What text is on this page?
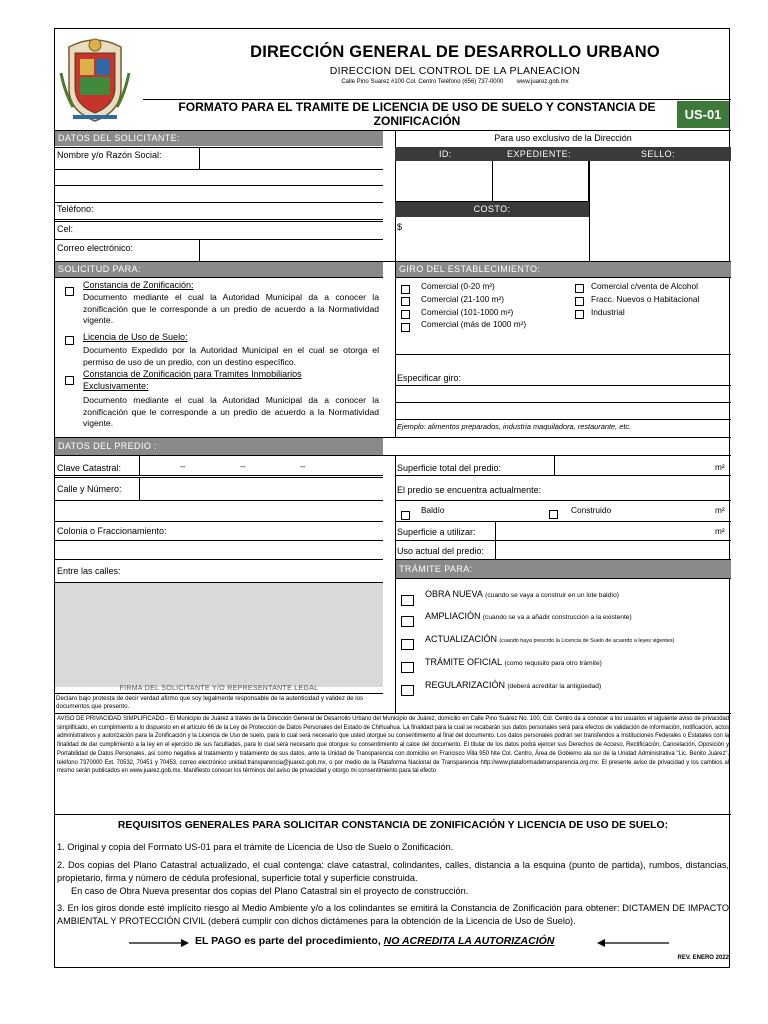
DIRECCIÓN GENERAL DE DESARROLLO URBANO
DIRECCION DEL CONTROL DE LA PLANEACION
Calle Pino Suarez #100 Col. Centro Teléfono (656) 737-0000 www.juarez.gob.mx
FORMATO PARA EL TRAMITE DE LICENCIA DE USO DE SUELO Y CONSTANCIA DE ZONIFICACIÓN	US-01
DATOS DEL SOLICITANTE:
Nombre y/o Razón Social:
Teléfono:
Cel:
Correo electrónico:
Para uso exclusivo de la Dirección
ID:	EXPEDIENTE:	SELLO:
COSTO:
$
SOLICITUD PARA:
Constancia de Zonificación:
Documento mediante el cual la Autoridad Municipal da a conocer la zonificación que le corresponde a un predio de acuerdo a la Normatividad vigente.
Licencia de Uso de Suelo:
Documento Expedido por la Autoridad Municipal en el cual se otorga el permiso de uso de un predio, con un destino específico.
Constancia de Zonificación para Tramites Inmobiliarios Exclusivamente:
Documento mediante el cual la Autoridad Municipal da a conocer la zonificación que le corresponde a un predio de acuerdo a la Normatividad vigente.
GIRO DEL ESTABLECIMIENTO:
Comercial (0-20 m²)
Comercial (21-100 m²)
Comercial (101-1000 m²)
Comercial (más de 1000 m²)
Comercial c/venta de Alcohol
Fracc. Nuevos o Habitacional
Industrial
Especificar giro:
Ejemplo: alimentos preparados, industria maquiladora, restaurante, etc.
DATOS DEL PREDIO :
Clave Catastral:	--	--	--
Calle y Número:
Colonia o Fraccionamiento:
Entre las calles:
FIRMA DEL SOLICITANTE Y/O REPRESENTANTE LEGAL
Declaro bajo protesta de decir verdad afirmo que soy legalmente responsable de la autenticidad y validez de los documentos que presento.
Superficie total del predio:	m²
El predio se encuentra actualmente:
Baldío	Construido	m²
Superficie a utilizar:	m²
Uso actual del predio:
TRÁMITE PARA:
OBRA NUEVA (cuando se vaya a construir en un lote baldío)
AMPLIACIÓN (cuando se va a añadir construcción a la existente)
ACTUALIZACIÓN (cuando haya prescrito la Licencia de Suelo de acuerdo a leyes vigentes)
TRÁMITE OFICIAL (como requisito para otro trámite)
REGULARIZACIÓN (deberá acreditar la antigüedad)
AVISO DE PRIVACIDAD SIMPLIFICADO.- El Municipio de Juárez a través de la Dirección General de Desarrollo Urbano del Municipio de Juárez, domicilio en Calle Pino Suárez No. 100, Col. Centro da a conocer a los usuarios el siguiente aviso de privacidad simplificado, en cumplimiento a lo dispuesto en el artículo 66 de la Ley de Protección de Datos Personales del Estado de Chihuahua. La finalidad para la cual se recabarán sus datos personales será para efectos de validación de información, notificación, actos administrativos y autorización para la Zonificación y la Licencia de Uso de suelo, para lo cual será necesario que usted otorgue su consentimiento al final del documento. Los datos personales podrán ser transferidos a Instituciones Federales o Estatales con la finalidad de dar cumplimiento a la ley en el ejercicio de sus facultades, para lo cual será necesario que otorgue su consentimiento al calce del documento. El titular de los datos podrá ejercer sus Derechos de Acceso, Rectificación, Cancelación, Oposición y Portabilidad de Datos Personales, así como negativa al tratamiento y tratamiento de sus datos, ante la Unidad de Transparencia con domicilio en Francisco Villa 950 Nte Col. Centro, Área de Gobierno ala sur de la Unidad Administrativa "Lic. Benito Juárez", teléfono 7370000 Ext. 70532, 70451 y 70453, correo electrónico unidad.transparencia@juarez.gob.mx, o por medio de la Plataforma Nacional de Transparencia http://www.plataformadetransparencia.org.mx. El presente aviso de privacidad y los cambios al mismo serán publicados en www.juarez.gob.mx. Manifiesto conocer los términos del aviso de privacidad y otorgo mi consentimiento para tal efecto
REQUISITOS GENERALES PARA SOLICITAR CONSTANCIA DE ZONIFICACIÓN Y LICENCIA DE USO DE SUELO:
1. Original y copia del Formato US-01 para el trámite de Licencia de Uso de Suelo o Zonificación.
2. Dos copias del Plano Catastral actualizado, el cual contenga: clave catastral, colindantes, calles, distancia a la esquina (punto de partida), rumbos, distancias, propietario, firma y número de cédula profesional, superficie total y superficie construida.
En caso de Obra Nueva presentar dos copias del Plano Catastral sin el proyecto de construcción.
3. En los giros donde esté implícito riesgo al Medio Ambiente y/o a los colindantes se emitirá la Constancia de Zonificación para obtener: DICTAMEN DE IMPACTO AMBIENTAL Y PROTECCIÓN CIVIL (deberá cumplir con dichos dictámenes para la obtención de la Licencia de Uso de Suelo).
EL PAGO es parte del procedimiento, NO ACREDITA LA AUTORIZACIÓN
REV. ENERO 2022
